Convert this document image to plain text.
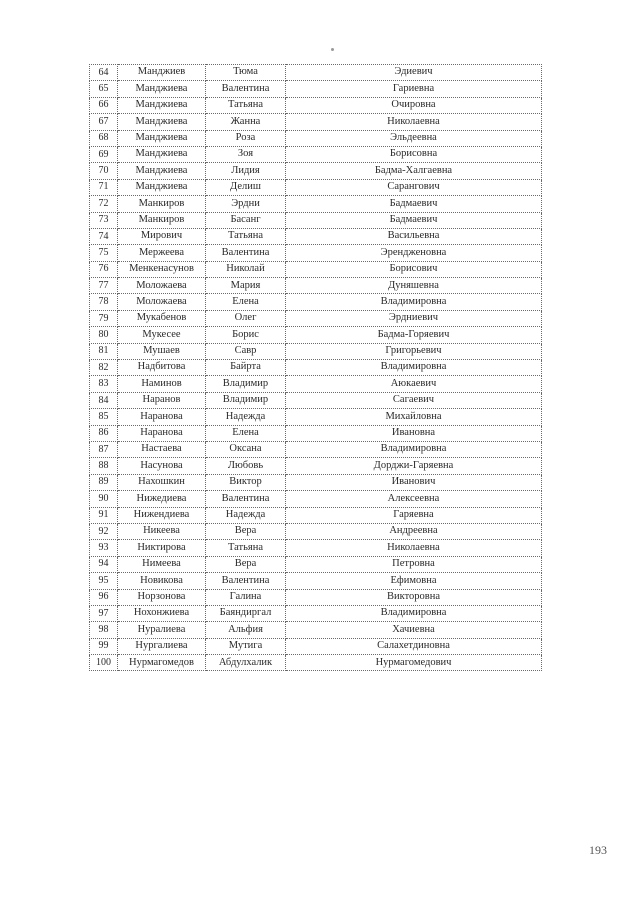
64	Манджиев	Тюма	Эдиевич
65	Манджиева	Валентина	Гариевна
66	Манджиева	Татьяна	Очировна
67	Манджиева	Жанна	Николаевна
68	Манджиева	Роза	Эльдеевна
69	Манджиева	Зоя	Борисовна
70	Манджиева	Лидия	Бадма-Халгаевна
71	Манджиева	Делиш	Сарангович
72	Манкиров	Эрдни	Бадмаевич
73	Манкиров	Басанг	Бадмаевич
74	Мирович	Татьяна	Васильевна
75	Мержеева	Валентина	Эрендженовна
76	Менкенасунов	Николай	Борисович
77	Моложаева	Мария	Дуняшевна
78	Моложаева	Елена	Владимировна
79	Мукабенов	Олег	Эрдниевич
80	Мукесее	Борис	Бадма-Горяевич
81	Мушаев	Савр	Григорьевич
82	Надбитова	Байрта	Владимировна
83	Наминов	Владимир	Аюкаевич
84	Наранов	Владимир	Сагаевич
85	Наранова	Надежда	Михайловна
86	Наранова	Елена	Ивановна
87	Настаева	Оксана	Владимировна
88	Насунова	Любовь	Дорджи-Гаряевна
89	Нахошкин	Виктор	Иванович
90	Нижедиева	Валентина	Алексеевна
91	Нижендиева	Надежда	Гаряевна
92	Никеева	Вера	Андреевна
93	Никтирова	Татьяна	Николаевна
94	Нимеева	Вера	Петровна
95	Новикова	Валентина	Ефимовна
96	Норзонова	Галина	Викторовна
97	Нохонжиева	Баяндиргал	Владимировна
98	Нуралиева	Альфия	Хачиевна
99	Нургалиева	Мутига	Салахетдиновна
100	Нурмагомедов	Абдулхалик	Нурмагомедович
193
